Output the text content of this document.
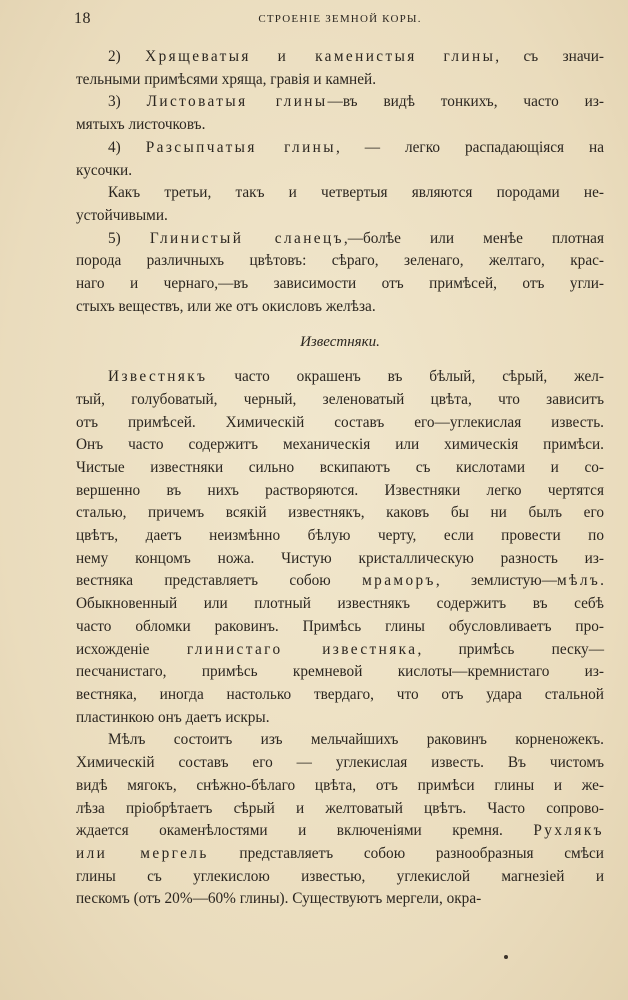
18	СТРОЕНІЕ ЗЕМНОЙ КОРЫ.
2) Хрящеватыя и каменистыя глины, съ значи-
тельными примѣсями хряща, гравія и камней.
3) Листоватыя глины—въ видѣ тонкихъ, часто из-
мятыхъ листочковъ.
4) Разсыпчатыя глины, — легко распадающіяся на
кусочки.
Какъ третьи, такъ и четвертыя являются породами не-
устойчивыми.
5) Глинистый сланецъ,—болѣе или менѣе плотная
порода различныхъ цвѣтовъ: сѣраго, зеленаго, желтаго, крас-
наго и чернаго,—въ зависимости отъ примѣсей, отъ угли-
стыхъ веществъ, или же отъ окисловъ желѣза.
Известняки.
Известнякъ часто окрашенъ въ бѣлый, сѣрый, жел-
тый, голубоватый, черный, зеленоватый цвѣта, что зависитъ
отъ примѣсей. Химическій составъ его—углекислая известь.
Онъ часто содержитъ механическія или химическія примѣси.
Чистые известняки сильно вскипаютъ съ кислотами и со-
вершенно въ нихъ растворяются. Известняки легко чертятся
сталью, причемъ всякій известнякъ, каковъ бы ни былъ его
цвѣтъ, даетъ неизмѣнно бѣлую черту, если провести по
нему концомъ ножа. Чистую кристаллическую разность из-
вестняка представляетъ собою мраморъ, землистую—мѣлъ.
Обыкновенный или плотный известнякъ содержитъ въ себѣ
часто обломки раковинъ. Примѣсь глины обусловливаетъ про-
исхожденіе глинистаго известняка, примѣсь песку—
песчанистаго, примѣсь кремневой кислоты—кремнистаго из-
вестняка, иногда настолько твердаго, что отъ удара стальной
пластинкою онъ даетъ искры.
Мѣлъ состоитъ изъ мельчайшихъ раковинъ корненожекъ.
Химическій составъ его — углекислая известь. Въ чистомъ
видѣ мягокъ, снѣжно-бѣлаго цвѣта, отъ примѣси глины и же-
лѣза пріобрѣтаетъ сѣрый и желтоватый цвѣтъ. Часто сопрово-
ждается окаменѣлостями и включеніями кремня. Рухлякъ
или мергель представляетъ собою разнообразныя смѣси
глины съ углекислою известью, углекислой магнезіей и
пескомъ (отъ 20%—60% глины). Существуютъ мергели, окра-
